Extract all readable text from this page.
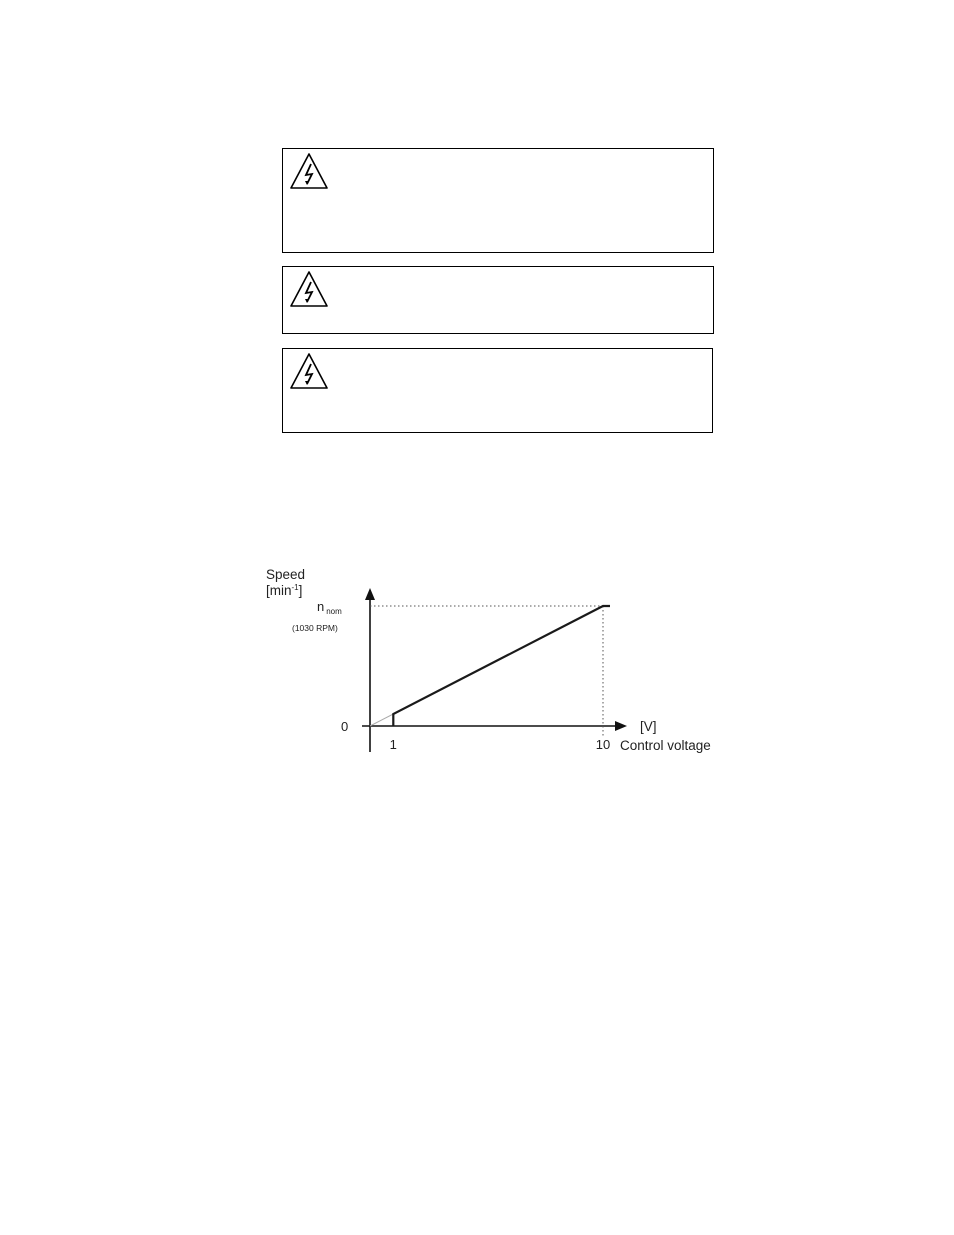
Speed
$[\min^{-1}]$
n $_{nom}$
(1030 RPM)
0
1	10
[V]
Control voltage
